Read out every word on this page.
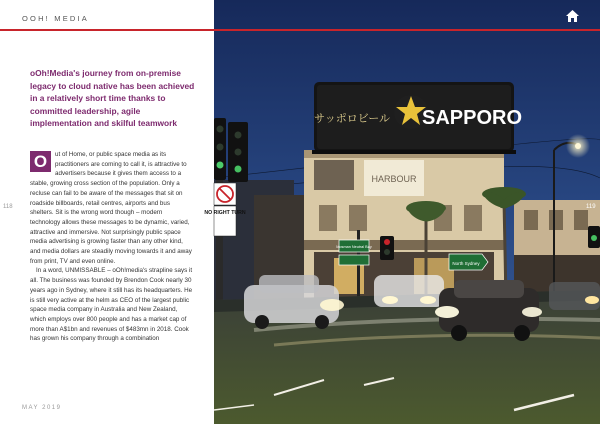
OOH! MEDIA
oOh!Media's journey from on-premise legacy to cloud native has been achieved in a relatively short time thanks to committed leadership, agile implementation and skilful teamwork
O	ut of Home, or public space media as its practitioners are coming to call it, is attractive to advertisers because it gives them access to a stable, growing cross section of the population. Only a recluse can fail to be aware of the messages that sit on roadside billboards, retail centres, airports and bus shelters. Sit is the wrong word though – modern technology allows these messages to be dynamic, varied, attractive and immersive. Not surprisingly public space media advertising is growing faster than any other kind, and media dollars are steadily moving towards it and away from print, TV and even online.

In a word, UNMISSABLE – oOh!media's strapline says it all. The business was founded by Brendon Cook nearly 30 years ago in Sydney, where it still has its headquarters. He is still very active at the helm as CEO of the largest public space media company in Australia and New Zealand, which employs over 800 people and has a market cap of more than A$1bn and revenues of $483mn in 2018. Cook has grown his company through a combination

118
MAY 2019
HARBOUR
サッポロビール SAPPORO
NO RIGHT TURN
Mosman Neutral Bay
North Sydney
119
